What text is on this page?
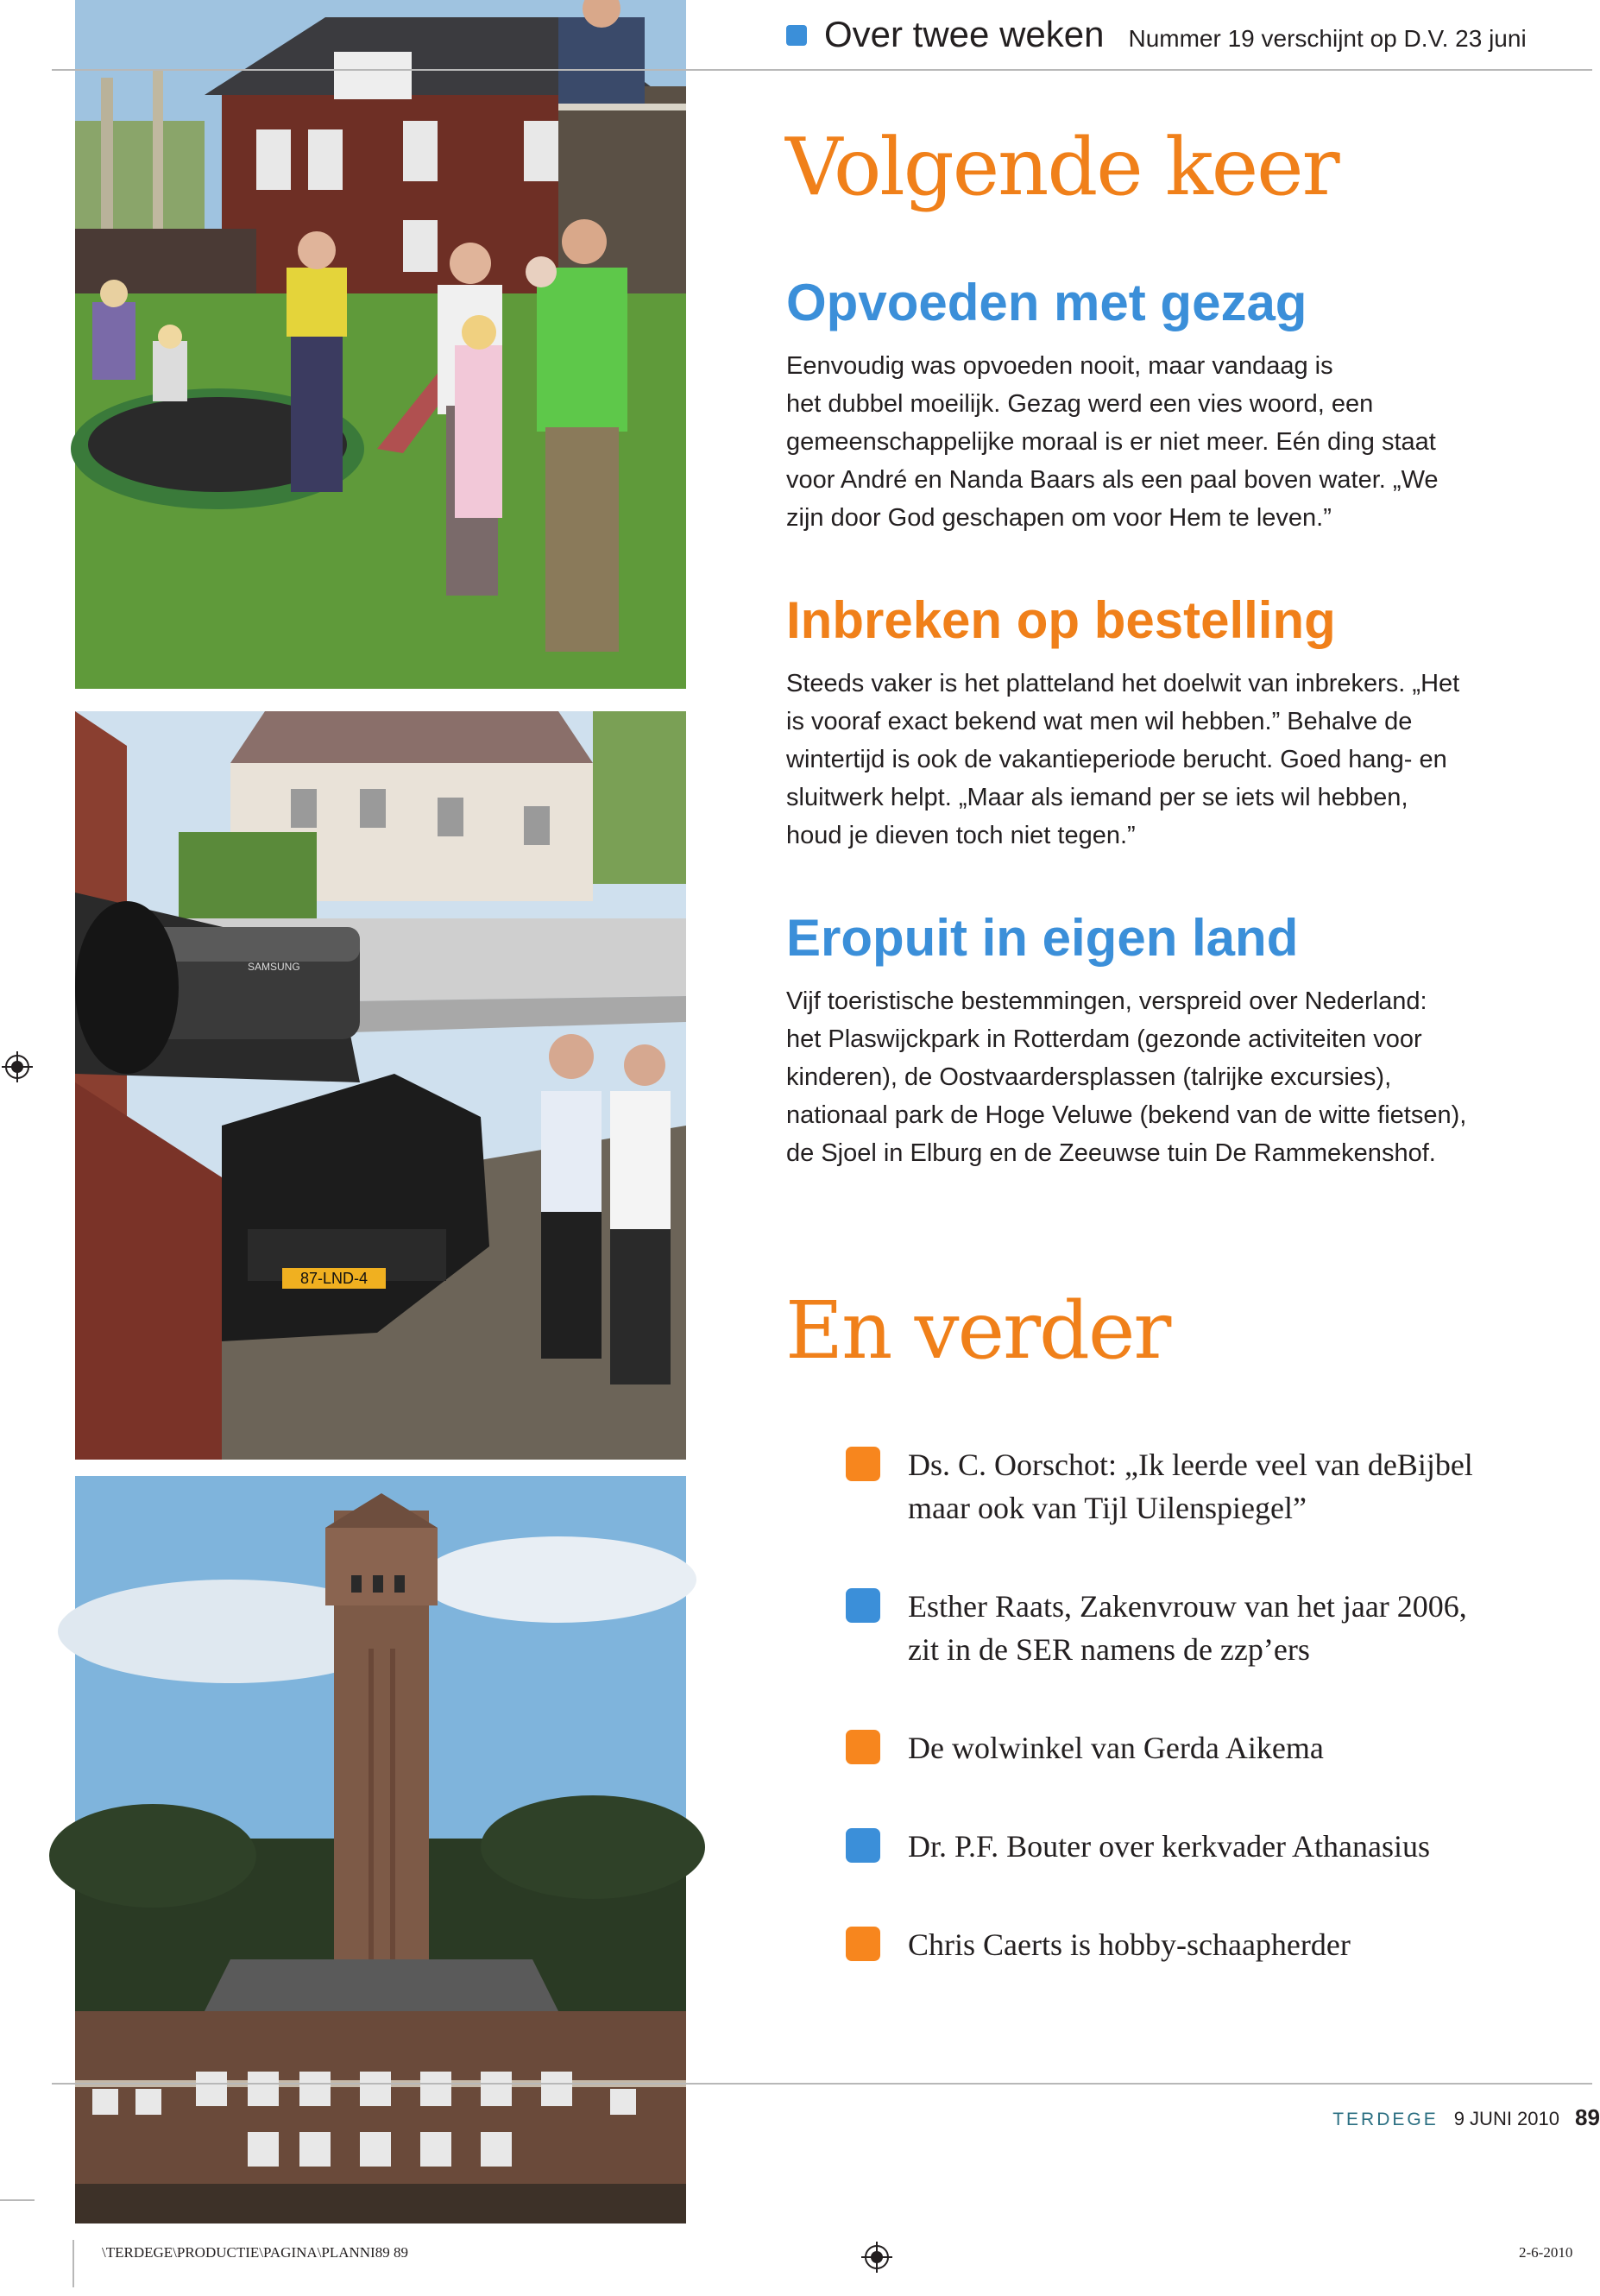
87-LND-4
SAMSUNG
Over twee weken Nummer 19 verschijnt op D.V. 23 juni
Volgende keer
Opvoeden met gezag

Eenvoudig was opvoeden nooit, maar vandaag is
het dubbel moeilijk. Gezag werd een vies woord, een
gemeenschappelijke moraal is er niet meer. Eén ding staat
voor André en Nanda Baars als een paal boven water. „We
zijn door God geschapen om voor Hem te leven.”

Inbreken op bestelling

Steeds vaker is het platteland het doelwit van inbrekers. „Het
is vooraf exact bekend wat men wil hebben.” Behalve de
wintertijd is ook de vakantieperiode berucht. Goed hang- en
sluitwerk helpt. „Maar als iemand per se iets wil hebben,
houd je dieven toch niet tegen.”

Eropuit in eigen land

Vijf toeristische bestemmingen, verspreid over Nederland:
het Plaswijckpark in Rotterdam (gezonde activiteiten voor
kinderen), de Oostvaardersplassen (talrijke excursies),
nationaal park de Hoge Veluwe (bekend van de witte fietsen),
de Sjoel in Elburg en de Zeeuwse tuin De Rammekenshof.

En verder
Ds. C. Oorschot: „Ik leerde veel van deBijbel
maar ook van Tijl Uilenspiegel”
Esther Raats, Zakenvrouw van het jaar 2006,
zit in de SER namens de zzp’ers
De wolwinkel van Gerda Aikema
Dr. P.F. Bouter over kerkvader Athanasius
Chris Caerts is hobby-schaapherder
TERDEGE 9 JUNI 2010 89
\TERDEGE\PRODUCTIE\PAGINA\PLANNI89 89	2-6-2010
